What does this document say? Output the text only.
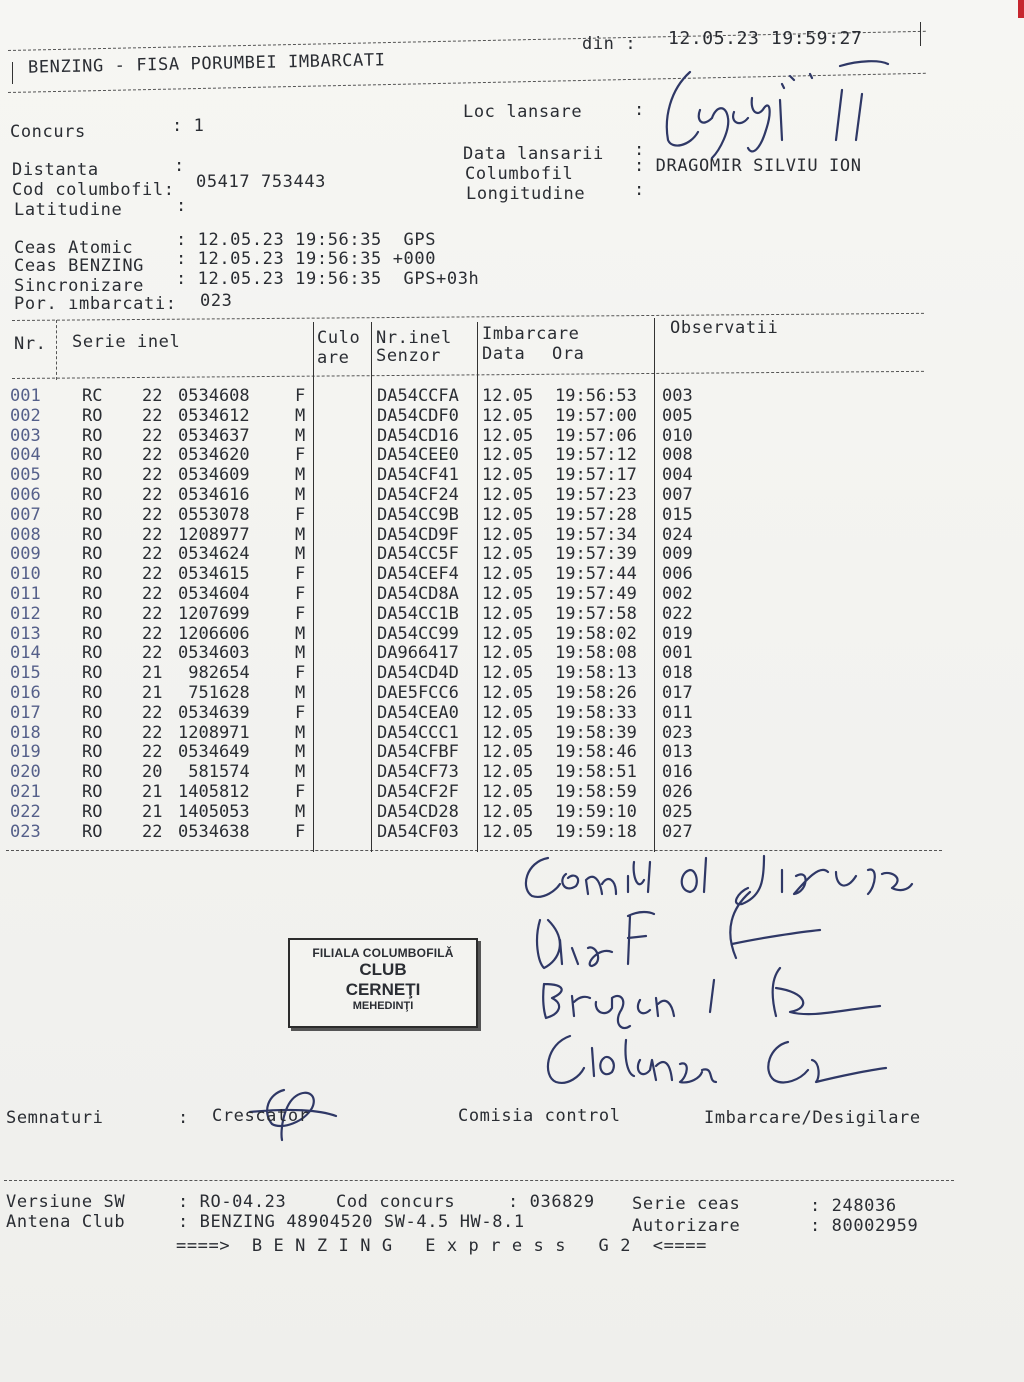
BENZING - FISA PORUMBEI IMBARCATI
din : 12.05.23 19:59:27
Concurs	: 1
Distanta	:
Cod columbofil: 05417 753443
Latitudine	:
Loc lansare	:
Data lansarii :
Columbofil	: DRAGOMIR SILVIU ION
Longitudine	:
Ceas Atomic	: 12.05.23 19:56:35  GPS
Ceas BENZING : 12.05.23 19:56:35 +000
Sincronizare : 12.05.23 19:56:35  GPS+03h
Por. ımbarcati: 023
Nr. Serie inel	Culo
are
Nr.inel
Senzor
Imbarcare
Data Ora
Observatii
001 RC 22 0534608	F	DA54CCFA 12.05 19:56:53 003
002 RO 22 0534612	M	DA54CDF0 12.05 19:57:00 005
003 RO 22 0534637	M	DA54CD16 12.05 19:57:06 010
004 RO 22 0534620	F	DA54CEE0 12.05 19:57:12 008
005 RO 22 0534609	M	DA54CF41 12.05 19:57:17 004
006 RO 22 0534616	M	DA54CF24 12.05 19:57:23 007
007 RO 22 0553078	F	DA54CC9B 12.05 19:57:28 015
008 RO 22 1208977	M	DA54CD9F 12.05 19:57:34 024
009 RO 22 0534624	M	DA54CC5F 12.05 19:57:39 009
010 RO 22 0534615	F	DA54CEF4 12.05 19:57:44 006
011 RO 22 0534604	F	DA54CD8A 12.05 19:57:49 002
012 RO 22 1207699	F	DA54CC1B 12.05 19:57:58 022
013 RO 22 1206606	M	DA54CC99 12.05 19:58:02 019
014 RO 22 0534603	M	DA966417 12.05 19:58:08 001
015 RO 21 982654	F	DA54CD4D 12.05 19:58:13 018
016 RO 21 751628	M	DAE5FCC6 12.05 19:58:26 017
017 RO 22 0534639	F	DA54CEA0 12.05 19:58:33 011
018 RO 22 1208971	M	DA54CCC1 12.05 19:58:39 023
019 RO 22 0534649	M	DA54CFBF 12.05 19:58:46 013
020 RO 20 581574	M	DA54CF73 12.05 19:58:51 016
021 RO 21 1405812	F	DA54CF2F 12.05 19:58:59 026
022 RO 21 1405053	M	DA54CD28 12.05 19:59:10 025
023 RO 22 0534638	F	DA54CF03 12.05 19:59:18 027
FILIALA COLUMBOFILĂ
CLUB
CERNEŢI
MEHEDINŢI
Semnaturi	: Crescator	Comisia control	Imbarcare/Desigilare
Versiune SW	: RO-04.23	Cod concurs	: 036829 Serie ceas	: 248036
Antena Club	: BENZING 48904520 SW-4.5 HW-8.1	Autorizare	: 80002959
====>  B E N Z I N G   E x p r e s s   G 2  <====
